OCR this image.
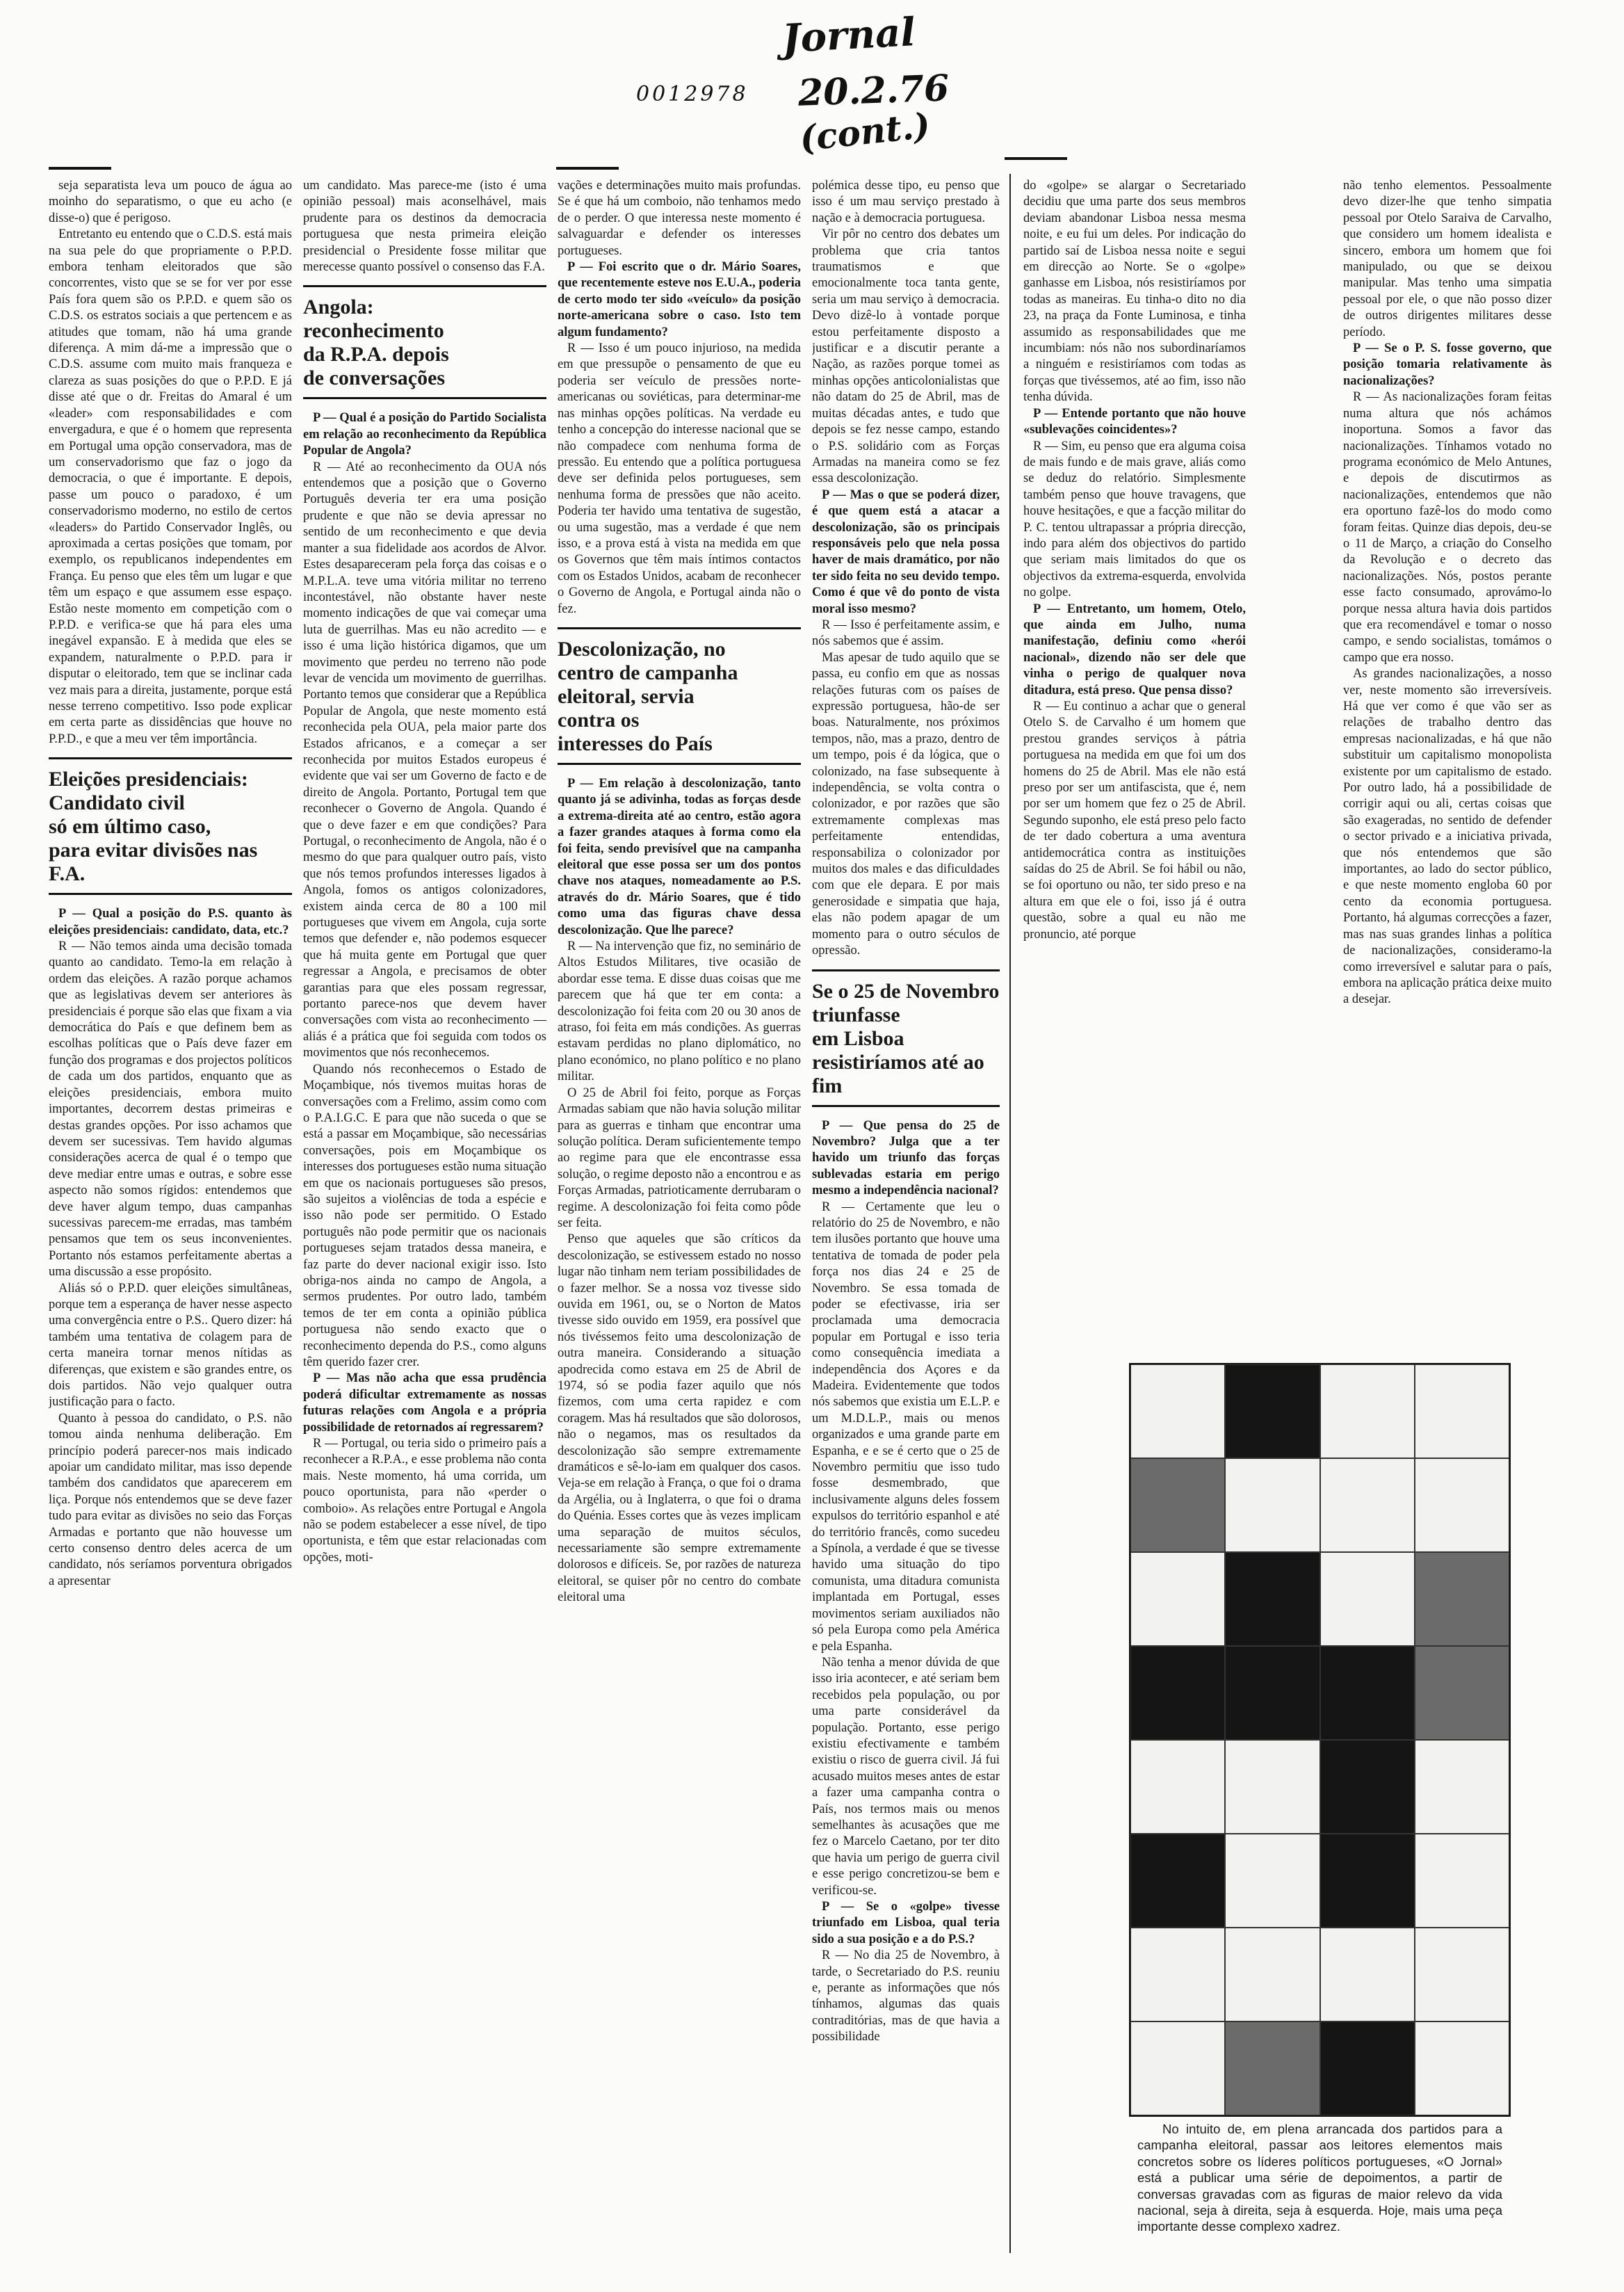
Jornal
20.2.76
(cont.)
0012978

seja separatista leva um pouco de água ao moinho do separatismo, o que eu acho (e disse-o) que é perigoso.

Entretanto eu entendo que o C.D.S. está mais na sua pele do que propriamente o P.P.D. embora tenham eleitorados que são concorrentes, visto que se se for ver por esse País fora quem são os P.P.D. e quem são os C.D.S. os estratos sociais a que pertencem e as atitudes que tomam, não há uma grande diferença. A mim dá-me a impressão que o C.D.S. assume com muito mais franqueza e clareza as suas posições do que o P.P.D. E já disse até que o dr. Freitas do Amaral é um «leader» com responsabilidades e com envergadura, e que é o homem que representa em Portugal uma opção conservadora, mas de um conservadorismo que faz o jogo da democracia, o que é importante. E depois, passe um pouco o paradoxo, é um conservadorismo moderno, no estilo de certos «leaders» do Partido Conservador Inglês, ou aproximada a certas posições que tomam, por exemplo, os republicanos independentes em França. Eu penso que eles têm um lugar e que têm um espaço e que assumem esse espaço. Estão neste momento em competição com o P.P.D. e verifica-se que há para eles uma inegável expansão. E à medida que eles se expandem, naturalmente o P.P.D. para ir disputar o eleitorado, tem que se inclinar cada vez mais para a direita, justamente, porque está nesse terreno competitivo. Isso pode explicar em certa parte as dissidências que houve no P.P.D., e que a meu ver têm importância.

Eleições presidenciais:
Candidato civil
só em último caso,
para evitar divisões nas F.A.

P — Qual a posição do P.S. quanto às eleições presidenciais: candidato, data, etc.?

R — Não temos ainda uma decisão tomada quanto ao candidato. Temo-la em relação à ordem das eleições. A razão porque achamos que as legislativas devem ser anteriores às presidenciais é porque são elas que fixam a via democrática do País e que definem bem as escolhas políticas que o País deve fazer em função dos programas e dos projectos políticos de cada um dos partidos, enquanto que as eleições presidenciais, embora muito importantes, decorrem destas primeiras e destas grandes opções. Por isso achamos que devem ser sucessivas. Tem havido algumas considerações acerca de qual é o tempo que deve mediar entre umas e outras, e sobre esse aspecto não somos rígidos: entendemos que deve haver algum tempo, duas campanhas sucessivas parecem-me erradas, mas também pensamos que tem os seus inconvenientes. Portanto nós estamos perfeitamente abertas a uma discussão a esse propósito.

Aliás só o P.P.D. quer eleições simultâneas, porque tem a esperança de haver nesse aspecto uma convergência entre o P.S.. Quero dizer: há também uma tentativa de colagem para de certa maneira tornar menos nítidas as diferenças, que existem e são grandes entre, os dois partidos. Não vejo qualquer outra justificação para o facto.

Quanto à pessoa do candidato, o P.S. não tomou ainda nenhuma deliberação. Em princípio poderá parecer-nos mais indicado apoiar um candidato militar, mas isso depende também dos candidatos que aparecerem em liça. Porque nós entendemos que se deve fazer tudo para evitar as divisões no seio das Forças Armadas e portanto que não houvesse um certo consenso dentro deles acerca de um candidato, nós seríamos porventura obrigados a apresentar

um candidato. Mas parece-me (isto é uma opinião pessoal) mais aconselhável, mais prudente para os destinos da democracia portuguesa que nesta primeira eleição presidencial o Presidente fosse militar que merecesse quanto possível o consenso das F.A.

Angola:
reconhecimento
da R.P.A. depois
de conversações

P — Qual é a posição do Partido Socialista em relação ao reconhecimento da República Popular de Angola?

R — Até ao reconhecimento da OUA nós entendemos que a posição que o Governo Português deveria ter era uma posição prudente e que não se devia apressar no sentido de um reconhecimento e que devia manter a sua fidelidade aos acordos de Alvor. Estes desapareceram pela força das coisas e o M.P.L.A. teve uma vitória militar no terreno incontestável, não obstante haver neste momento indicações de que vai começar uma luta de guerrilhas. Mas eu não acredito — e isso é uma lição histórica digamos, que um movimento que perdeu no terreno não pode levar de vencida um movimento de guerrilhas. Portanto temos que considerar que a República Popular de Angola, que neste momento está reconhecida pela OUA, pela maior parte dos Estados africanos, e a começar a ser reconhecida por muitos Estados europeus é evidente que vai ser um Governo de facto e de direito de Angola. Portanto, Portugal tem que reconhecer o Governo de Angola. Quando é que o deve fazer e em que condições? Para Portugal, o reconhecimento de Angola, não é o mesmo do que para qualquer outro país, visto que nós temos profundos interesses ligados à Angola, fomos os antigos colonizadores, existem ainda cerca de 80 a 100 mil portugueses que vivem em Angola, cuja sorte temos que defender e, não podemos esquecer que há muita gente em Portugal que quer regressar a Angola, e precisamos de obter garantias para que eles possam regressar, portanto parece-nos que devem haver conversações com vista ao reconhecimento — aliás é a prática que foi seguida com todos os movimentos que nós reconhecemos.

Quando nós reconhecemos o Estado de Moçambique, nós tivemos muitas horas de conversações com a Frelimo, assim como com o P.A.I.G.C. E para que não suceda o que se está a passar em Moçambique, são necessárias conversações, pois em Moçambique os interesses dos portugueses estão numa situação em que os nacionais portugueses são presos, são sujeitos a violências de toda a espécie e isso não pode ser permitido. O Estado português não pode permitir que os nacionais portugueses sejam tratados dessa maneira, e faz parte do dever nacional exigir isso. Isto obriga-nos ainda no campo de Angola, a sermos prudentes. Por outro lado, também temos de ter em conta a opinião pública portuguesa não sendo exacto que o reconhecimento dependa do P.S., como alguns têm querido fazer crer.

P — Mas não acha que essa prudência poderá dificultar extremamente as nossas futuras relações com Angola e a própria possibilidade de retornados aí regressarem?

R — Portugal, ou teria sido o primeiro país a reconhecer a R.P.A., e esse problema não conta mais. Neste momento, há uma corrida, um pouco oportunista, para não «perder o comboio». As relações entre Portugal e Angola não se podem estabelecer a esse nível, de tipo oportunista, e têm que estar relacionadas com opções, moti-

vações e determinações muito mais profundas. Se é que há um comboio, não tenhamos medo de o perder. O que interessa neste momento é salvaguardar e defender os interesses portugueses.

P — Foi escrito que o dr. Mário Soares, que recentemente esteve nos E.U.A., poderia de certo modo ter sido «veículo» da posição norte-americana sobre o caso. Isto tem algum fundamento?

R — Isso é um pouco injurioso, na medida em que pressupõe o pensamento de que eu poderia ser veículo de pressões norte-americanas ou soviéticas, para determinar-me nas minhas opções políticas. Na verdade eu tenho a concepção do interesse nacional que se não compadece com nenhuma forma de pressão. Eu entendo que a política portuguesa deve ser definida pelos portugueses, sem nenhuma forma de pressões que não aceito. Poderia ter havido uma tentativa de sugestão, ou uma sugestão, mas a verdade é que nem isso, e a prova está à vista na medida em que os Governos que têm mais íntimos contactos com os Estados Unidos, acabam de reconhecer o Governo de Angola, e Portugal ainda não o fez.

Descolonização, no
centro de campanha
eleitoral, servia
contra os
interesses do País

P — Em relação à descolonização, tanto quanto já se adivinha, todas as forças desde a extrema-direita até ao centro, estão agora a fazer grandes ataques à forma como ela foi feita, sendo previsível que na campanha eleitoral que esse possa ser um dos pontos chave nos ataques, nomeadamente ao P.S. através do dr. Mário Soares, que é tido como uma das figuras chave dessa descolonização. Que lhe parece?

R — Na intervenção que fiz, no seminário de Altos Estudos Militares, tive ocasião de abordar esse tema. E disse duas coisas que me parecem que há que ter em conta: a descolonização foi feita com 20 ou 30 anos de atraso, foi feita em más condições. As guerras estavam perdidas no plano diplomático, no plano económico, no plano político e no plano militar.

O 25 de Abril foi feito, porque as Forças Armadas sabiam que não havia solução militar para as guerras e tinham que encontrar uma solução política. Deram suficientemente tempo ao regime para que ele encontrasse essa solução, o regime deposto não a encontrou e as Forças Armadas, patrioticamente derrubaram o regime. A descolonização foi feita como pôde ser feita.

Penso que aqueles que são críticos da descolonização, se estivessem estado no nosso lugar não tinham nem teriam possibilidades de o fazer melhor. Se a nossa voz tivesse sido ouvida em 1961, ou, se o Norton de Matos tivesse sido ouvido em 1959, era possível que nós tivéssemos feito uma descolonização de outra maneira. Considerando a situação apodrecida como estava em 25 de Abril de 1974, só se podia fazer aquilo que nós fizemos, com uma certa rapidez e com coragem. Mas há resultados que são dolorosos, não o negamos, mas os resultados da descolonização são sempre extremamente dramáticos e sê-lo-iam em qualquer dos casos. Veja-se em relação à França, o que foi o drama da Argélia, ou à Inglaterra, o que foi o drama do Quénia. Esses cortes que às vezes implicam uma separação de muitos séculos, necessariamente são sempre extremamente dolorosos e difíceis. Se, por razões de natureza eleitoral, se quiser pôr no centro do combate eleitoral uma

polémica desse tipo, eu penso que isso é um mau serviço prestado à nação e à democracia portuguesa.

Vir pôr no centro dos debates um problema que cria tantos traumatismos e que emocionalmente toca tanta gente, seria um mau serviço à democracia. Devo dizê-lo à vontade porque estou perfeitamente disposto a justificar e a discutir perante a Nação, as razões porque tomei as minhas opções anticolonialistas que não datam do 25 de Abril, mas de muitas décadas antes, e tudo que depois se fez nesse campo, estando o P.S. solidário com as Forças Armadas na maneira como se fez essa descolonização.

P — Mas o que se poderá dizer, é que quem está a atacar a descolonização, são os principais responsáveis pelo que nela possa haver de mais dramático, por não ter sido feita no seu devido tempo. Como é que vê do ponto de vista moral isso mesmo?

R — Isso é perfeitamente assim, e nós sabemos que é assim.

Mas apesar de tudo aquilo que se passa, eu confio em que as nossas relações futuras com os países de expressão portuguesa, hão-de ser boas. Naturalmente, nos próximos tempos, não, mas a prazo, dentro de um tempo, pois é da lógica, que o colonizado, na fase subsequente à independência, se volta contra o colonizador, e por razões que são extremamente complexas mas perfeitamente entendidas, responsabiliza o colonizador por muitos dos males e das dificuldades com que ele depara. E por mais generosidade e simpatia que haja, elas não podem apagar de um momento para o outro séculos de opressão.

Se o 25 de Novembro
triunfasse
em Lisboa
resistiríamos até ao fim

P — Que pensa do 25 de Novembro? Julga que a ter havido um triunfo das forças sublevadas estaria em perigo mesmo a independência nacional?

R — Certamente que leu o relatório do 25 de Novembro, e não tem ilusões portanto que houve uma tentativa de tomada de poder pela força nos dias 24 e 25 de Novembro. Se essa tomada de poder se efectivasse, iria ser proclamada uma democracia popular em Portugal e isso teria como consequência imediata a independência dos Açores e da Madeira. Evidentemente que todos nós sabemos que existia um E.L.P. e um M.D.L.P., mais ou menos organizados e uma grande parte em Espanha, e e se é certo que o 25 de Novembro permitiu que isso tudo fosse desmembrado, que inclusivamente alguns deles fossem expulsos do território espanhol e até do território francês, como sucedeu a Spínola, a verdade é que se tivesse havido uma situação do tipo comunista, uma ditadura comunista implantada em Portugal, esses movimentos seriam auxiliados não só pela Europa como pela América e pela Espanha.

Não tenha a menor dúvida de que isso iria acontecer, e até seriam bem recebidos pela população, ou por uma parte considerável da população. Portanto, esse perigo existiu efectivamente e também existiu o risco de guerra civil. Já fui acusado muitos meses antes de estar a fazer uma campanha contra o País, nos termos mais ou menos semelhantes às acusações que me fez o Marcelo Caetano, por ter dito que havia um perigo de guerra civil e esse perigo concretizou-se bem e verificou-se.

P — Se o «golpe» tivesse triunfado em Lisboa, qual teria sido a sua posição e a do P.S.?

R — No dia 25 de Novembro, à tarde, o Secretariado do P.S. reuniu e, perante as informações que nós tínhamos, algumas das quais contraditórias, mas de que havia a possibilidade

do «golpe» se alargar o Secretariado decidiu que uma parte dos seus membros deviam abandonar Lisboa nessa mesma noite, e eu fui um deles. Por indicação do partido saí de Lisboa nessa noite e segui em direcção ao Norte. Se o «golpe» ganhasse em Lisboa, nós resistiríamos por todas as maneiras. Eu tinha-o dito no dia 23, na praça da Fonte Luminosa, e tinha assumido as responsabilidades que me incumbiam: nós não nos subordinaríamos a ninguém e resistiríamos com todas as forças que tivéssemos, até ao fim, isso não tenha dúvida.

P — Entende portanto que não houve «sublevações coincidentes»?

R — Sim, eu penso que era alguma coisa de mais fundo e de mais grave, aliás como se deduz do relatório. Simplesmente também penso que houve travagens, que houve hesitações, e que a facção militar do P. C. tentou ultrapassar a própria direcção, indo para além dos objectivos do partido que seriam mais limitados do que os objectivos da extrema-esquerda, envolvida no golpe.

P — Entretanto, um homem, Otelo, que ainda em Julho, numa manifestação, definiu como «herói nacional», dizendo não ser dele que vinha o perigo de qualquer nova ditadura, está preso. Que pensa disso?

R — Eu continuo a achar que o general Otelo S. de Carvalho é um homem que prestou grandes serviços à pátria portuguesa na medida em que foi um dos homens do 25 de Abril. Mas ele não está preso por ser um antifascista, que é, nem por ser um homem que fez o 25 de Abril. Segundo suponho, ele está preso pelo facto de ter dado cobertura a uma aventura antidemocrática contra as instituições saídas do 25 de Abril. Se foi hábil ou não, se foi oportuno ou não, ter sido preso e na altura em que ele o foi, isso já é outra questão, sobre a qual eu não me pronuncio, até porque

não tenho elementos. Pessoalmente devo dizer-lhe que tenho simpatia pessoal por Otelo Saraiva de Carvalho, que considero um homem idealista e sincero, embora um homem que foi manipulado, ou que se deixou manipular. Mas tenho uma simpatia pessoal por ele, o que não posso dizer de outros dirigentes militares desse período.

P — Se o P. S. fosse governo, que posição tomaria relativamente às nacionalizações?

R — As nacionalizações foram feitas numa altura que nós achámos inoportuna. Somos a favor das nacionalizações. Tínhamos votado no programa económico de Melo Antunes, e depois de discutirmos as nacionalizações, entendemos que não era oportuno fazê-los do modo como foram feitas. Quinze dias depois, deu-se o 11 de Março, a criação do Conselho da Revolução e o decreto das nacionalizações. Nós, postos perante esse facto consumado, aprovámo-lo porque nessa altura havia dois partidos que era recomendável e tomar o nosso campo, e sendo socialistas, tomámos o campo que era nosso.

As grandes nacionalizações, a nosso ver, neste momento são irreversíveis. Há que ver como é que vão ser as relações de trabalho dentro das empresas nacionalizadas, e há que não substituir um capitalismo monopolista existente por um capitalismo de estado. Por outro lado, há a possibilidade de corrigir aqui ou ali, certas coisas que são exageradas, no sentido de defender o sector privado e a iniciativa privada, que nós entendemos que são importantes, ao lado do sector público, e que neste momento engloba 60 por cento da economia portuguesa. Portanto, há algumas correcções a fazer, mas nas suas grandes linhas a política de nacionalizações, consideramo-la como irreversível e salutar para o país, embora na aplicação prática deixe muito a desejar.

No intuito de, em plena arrancada dos partidos para a campanha eleitoral, passar aos leitores elementos mais concretos sobre os líderes políticos portugueses, «O Jornal» está a publicar uma série de depoimentos, a partir de conversas gravadas com as figuras de maior relevo da vida nacional, seja à direita, seja à esquerda. Hoje, mais uma peça importante desse complexo xadrez.
